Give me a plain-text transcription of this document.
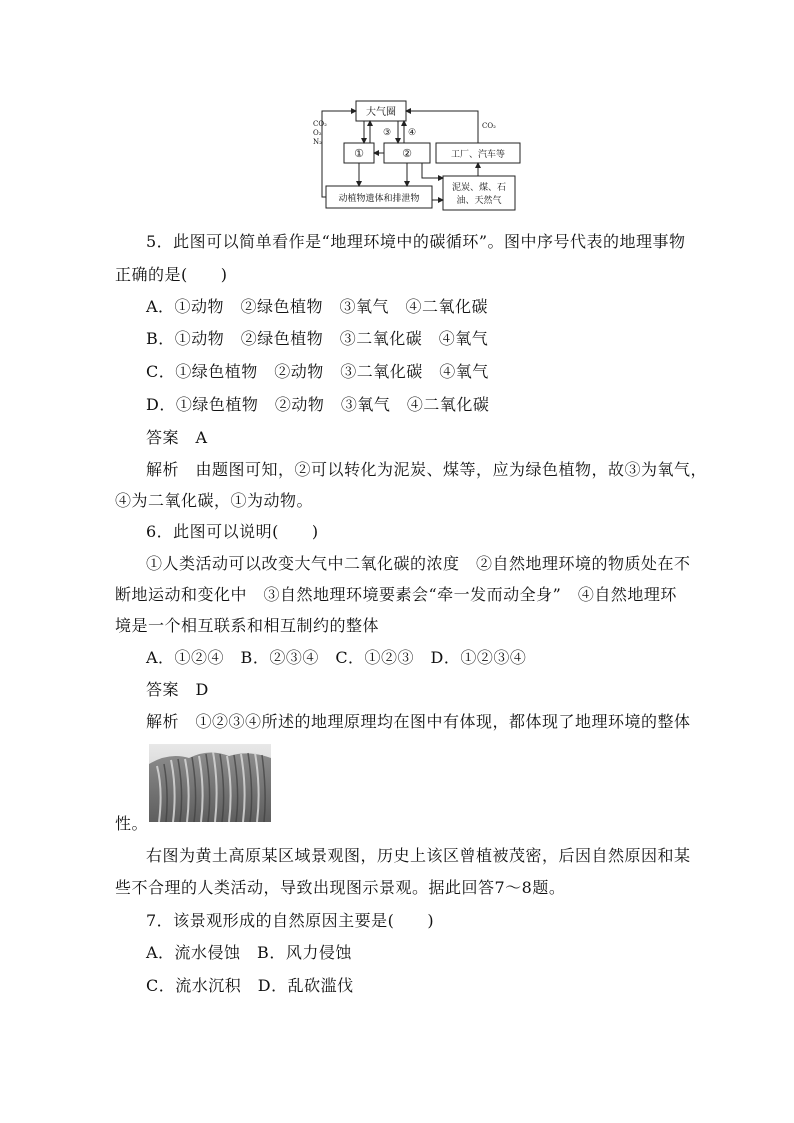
大气圈
①	②
③ ④
工厂、汽车等
动植物遗体和排泄物
泥炭、煤、石
油、天然气
CO₂
O₂
N₂
CO₂
5．此图可以简单看作是“地理环境中的碳循环”。图中序号代表的地理事物
正确的是(　　)
A．①动物　②绿色植物　③氧气　④二氧化碳
B．①动物　②绿色植物　③二氧化碳　④氧气
C．①绿色植物　②动物　③二氧化碳　④氧气
D．①绿色植物　②动物　③氧气　④二氧化碳
答案　A
解析　由题图可知，②可以转化为泥炭、煤等，应为绿色植物，故③为氧气，
④为二氧化碳，①为动物。
6．此图可以说明(　　)
①人类活动可以改变大气中二氧化碳的浓度　②自然地理环境的物质处在不
断地运动和变化中　③自然地理环境要素会“牵一发而动全身”　④自然地理环
境是一个相互联系和相互制约的整体
A．①②④　B．②③④　C．①②③　D．①②③④
答案　D
解析　①②③④所述的地理原理均在图中有体现，都体现了地理环境的整体
性。
右图为黄土高原某区域景观图，历史上该区曾植被茂密，后因自然原因和某
些不合理的人类活动，导致出现图示景观。据此回答7～8题。
7．该景观形成的自然原因主要是(　　)
A．流水侵蚀　B．风力侵蚀
C．流水沉积　D．乱砍滥伐
